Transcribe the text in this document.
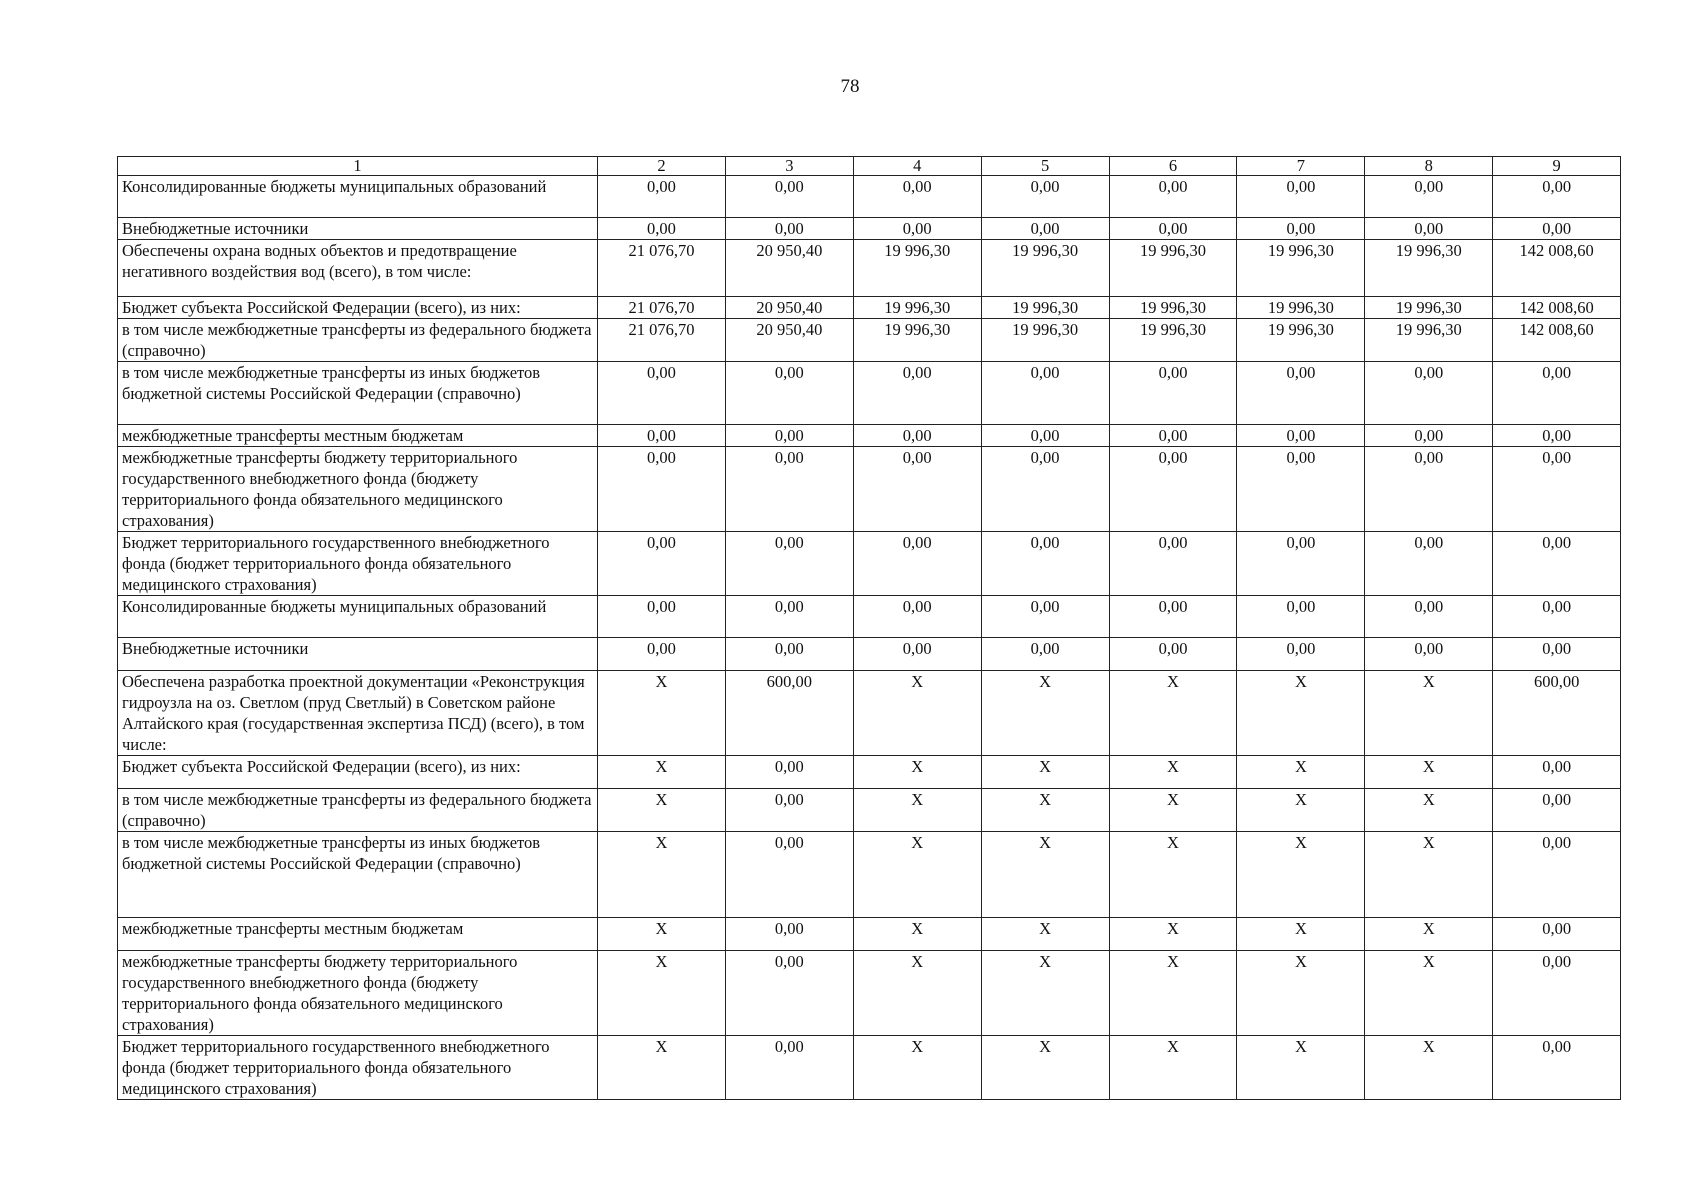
78
1	2	3	4	5	6	7	8	9
Консолидированные бюджеты муниципальных образований	0,00	0,00	0,00	0,00	0,00	0,00	0,00	0,00
Внебюджетные источники	0,00	0,00	0,00	0,00	0,00	0,00	0,00	0,00
Обеспечены охрана водных объектов и предотвращение негативного воздействия вод (всего), в том числе:	21 076,70	20 950,40	19 996,30	19 996,30	19 996,30	19 996,30	19 996,30	142 008,60
Бюджет субъекта Российской Федерации (всего), из них:	21 076,70	20 950,40	19 996,30	19 996,30	19 996,30	19 996,30	19 996,30	142 008,60
в том числе межбюджетные трансферты из федерального бюджета (справочно)	21 076,70	20 950,40	19 996,30	19 996,30	19 996,30	19 996,30	19 996,30	142 008,60
в том числе межбюджетные трансферты из иных бюджетов бюджетной системы Российской Федерации (справочно)	0,00	0,00	0,00	0,00	0,00	0,00	0,00	0,00
межбюджетные трансферты местным бюджетам	0,00	0,00	0,00	0,00	0,00	0,00	0,00	0,00
межбюджетные трансферты бюджету территориального государственного внебюджетного фонда (бюджету территориального фонда обязательного медицинского страхования)	0,00	0,00	0,00	0,00	0,00	0,00	0,00	0,00
Бюджет территориального государственного внебюджетного фонда (бюджет территориального фонда обязательного медицинского страхования)	0,00	0,00	0,00	0,00	0,00	0,00	0,00	0,00
Консолидированные бюджеты муниципальных образований	0,00	0,00	0,00	0,00	0,00	0,00	0,00	0,00
Внебюджетные источники	0,00	0,00	0,00	0,00	0,00	0,00	0,00	0,00
Обеспечена разработка проектной документации «Реконструкция гидроузла на оз. Светлом (пруд Светлый) в Советском районе Алтайского края (государственная экспертиза ПСД) (всего), в том числе:	X	600,00	X	X	X	X	X	600,00
Бюджет субъекта Российской Федерации (всего), из них:	X	0,00	X	X	X	X	X	0,00
в том числе межбюджетные трансферты из федерального бюджета (справочно)	X	0,00	X	X	X	X	X	0,00
в том числе межбюджетные трансферты из иных бюджетов бюджетной системы Российской Федерации (справочно)	X	0,00	X	X	X	X	X	0,00
межбюджетные трансферты местным бюджетам	X	0,00	X	X	X	X	X	0,00
межбюджетные трансферты бюджету территориального государственного внебюджетного фонда (бюджету территориального фонда обязательного медицинского страхования)	X	0,00	X	X	X	X	X	0,00
Бюджет территориального государственного внебюджетного фонда (бюджет территориального фонда обязательного медицинского страхования)	X	0,00	X	X	X	X	X	0,00
